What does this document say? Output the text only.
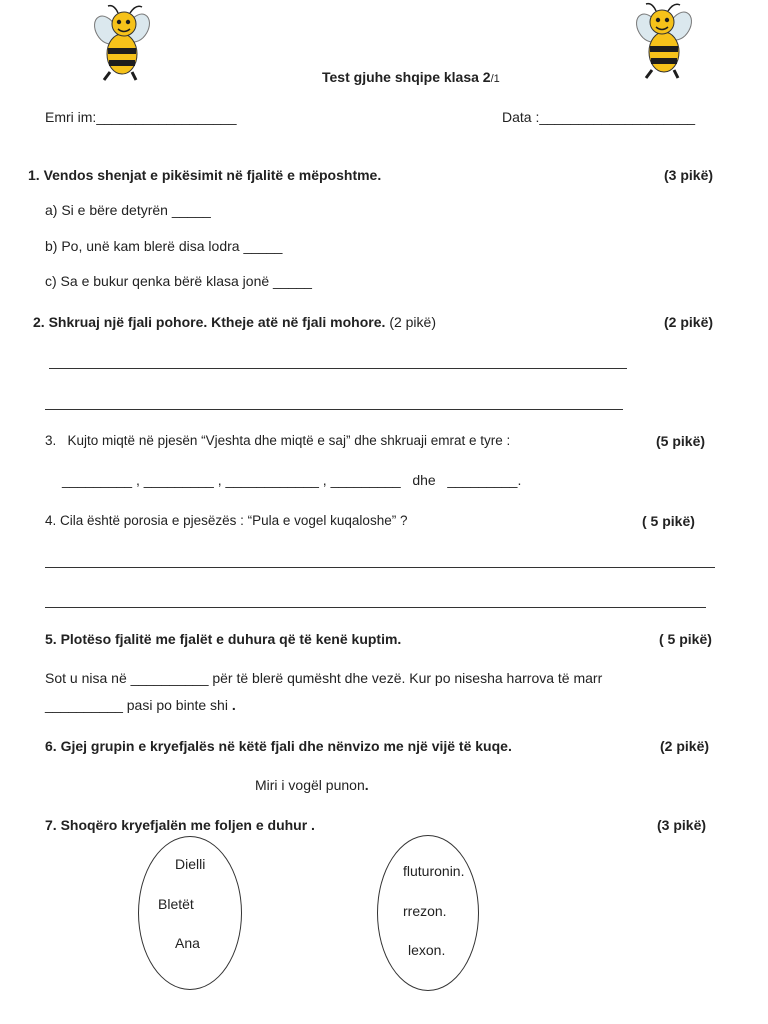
Test gjuhe shqipe klasa 2/1
Emri im:__________________	Data :____________________
1. Vendos shenjat e pikësimit në fjalitë e mëposhtme.	(3 pikë)
a) Si e bëre detyrën _____
b) Po, unë kam blerë disa lodra _____
c) Sa e bukur qenka bërë klasa jonë _____
2. Shkruaj një fjali pohore. Ktheje atë në fjali mohore. (2 pikë)	(2 pikë)
3. Kujto miqtë në pjesën “Vjeshta dhe miqtë e saj” dhe shkruaji emrat e tyre :	(5 pikë)
_________ , _________ , ____________ , _________ dhe _________.
4. Cila është porosia e pjesëzës : “Pula e vogel kuqaloshe” ?	( 5 pikë)
5. Plotëso fjalitë me fjalët e duhura që të kenë kuptim.	( 5 pikë)
Sot u nisa në __________ për të blerë qumësht dhe vezë. Kur po nisesha harrova të marr
__________ pasi po binte shi .
6. Gjej grupin e kryefjalës në këtë fjali dhe nënvizo me një vijë të kuqe.	(2 pikë)
Miri i vogël punon.
7. Shoqëro kryefjalën me foljen e duhur .	(3 pikë)
Dielli
Bletët
Ana
fluturonin.
rrezon.
lexon.
